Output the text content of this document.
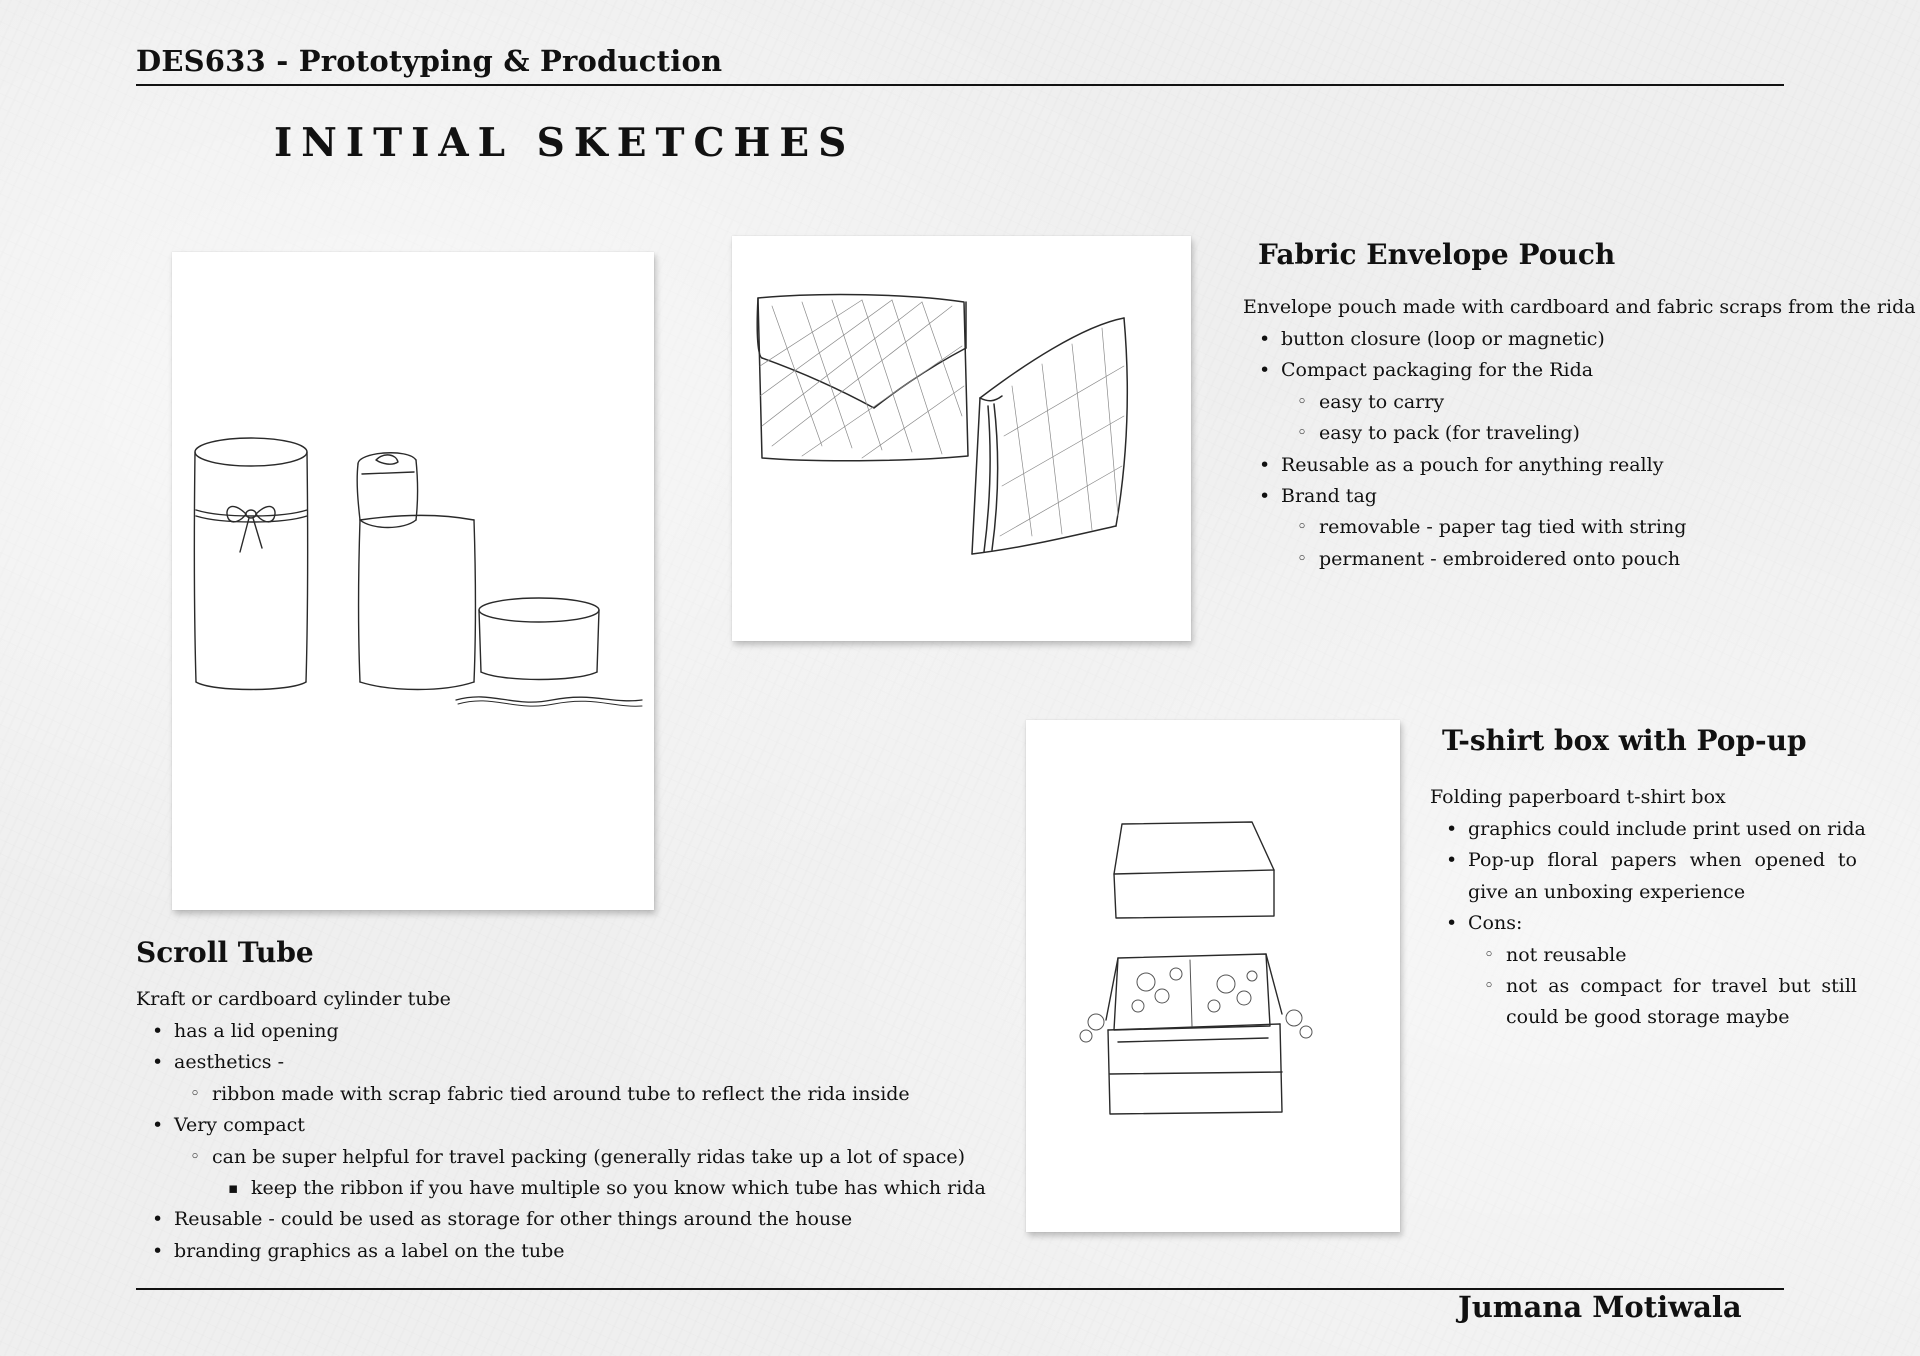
DES633 - Prototyping & Production
INITIAL SKETCHES
Fabric Envelope Pouch

Envelope pouch made with cardboard and fabric scraps from the rida

• button closure (loop or magnetic)
• Compact packaging for the Rida
◦ easy to carry
◦ easy to pack (for traveling)
• Reusable as a pouch for anything really
• Brand tag
◦ removable - paper tag tied with string
◦ permanent - embroidered onto pouch
T-shirt box with Pop-up

Folding paperboard t-shirt box

• graphics could include print used on rida
• Pop-up floral papers when opened to give an unboxing experience
• Cons:
◦ not reusable
◦ not as compact for travel but still could be good storage maybe
Scroll Tube

Kraft or cardboard cylinder tube

• has a lid opening
• aesthetics -
◦ ribbon made with scrap fabric tied around tube to reflect the rida inside
• Very compact
◦ can be super helpful for travel packing (generally ridas take up a lot of space)
▪ keep the ribbon if you have multiple so you know which tube has which rida
• Reusable - could be used as storage for other things around the house
• branding graphics as a label on the tube
Jumana Motiwala
